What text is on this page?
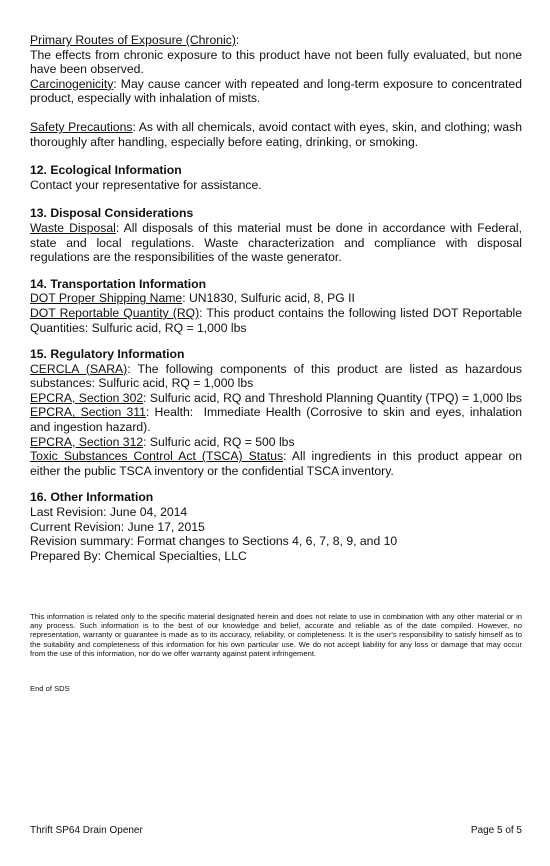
Primary Routes of Exposure (Chronic):
The effects from chronic exposure to this product have not been fully evaluated, but none have been observed.
Carcinogenicity: May cause cancer with repeated and long-term exposure to concentrated product, especially with inhalation of mists.

Safety Precautions: As with all chemicals, avoid contact with eyes, skin, and clothing; wash thoroughly after handling, especially before eating, drinking, or smoking.

12. Ecological Information

Contact your representative for assistance.

13. Disposal Considerations

Waste Disposal: All disposals of this material must be done in accordance with Federal, state and local regulations. Waste characterization and compliance with disposal regulations are the responsibilities of the waste generator.

14. Transportation Information

DOT Proper Shipping Name: UN1830, Sulfuric acid, 8, PG II

DOT Reportable Quantity (RQ): This product contains the following listed DOT Reportable Quantities: Sulfuric acid, RQ = 1,000 lbs

15. Regulatory Information

CERCLA (SARA): The following components of this product are listed as hazardous substances: Sulfuric acid, RQ = 1,000 lbs

EPCRA, Section 302: Sulfuric acid, RQ and Threshold Planning Quantity (TPQ) = 1,000 lbs

EPCRA, Section 311: Health:  Immediate Health (Corrosive to skin and eyes, inhalation and ingestion hazard).

EPCRA, Section 312: Sulfuric acid, RQ = 500 lbs

Toxic Substances Control Act (TSCA) Status: All ingredients in this product appear on either the public TSCA inventory or the confidential TSCA inventory.

16. Other Information

Last Revision: June 04, 2014

Current Revision: June 17, 2015

Revision summary: Format changes to Sections 4, 6, 7, 8, 9, and 10

Prepared By: Chemical Specialties, LLC

This information is related only to the specific material designated herein and does not relate to use in combination with any other material or in any process. Such information is to the best of our knowledge and belief, accurate and reliable as of the date compiled. However, no representation, warranty or guarantee is made as to its accuracy, reliability, or completeness. It is the user's responsibility to satisfy himself as to the suitability and completeness of this information for his own particular use. We do not accept liability for any loss or damage that may occur from the use of this information, nor do we offer warranty against patent infringement.
End of SDS
Thrift SP64 Drain Opener	Page 5 of 5
